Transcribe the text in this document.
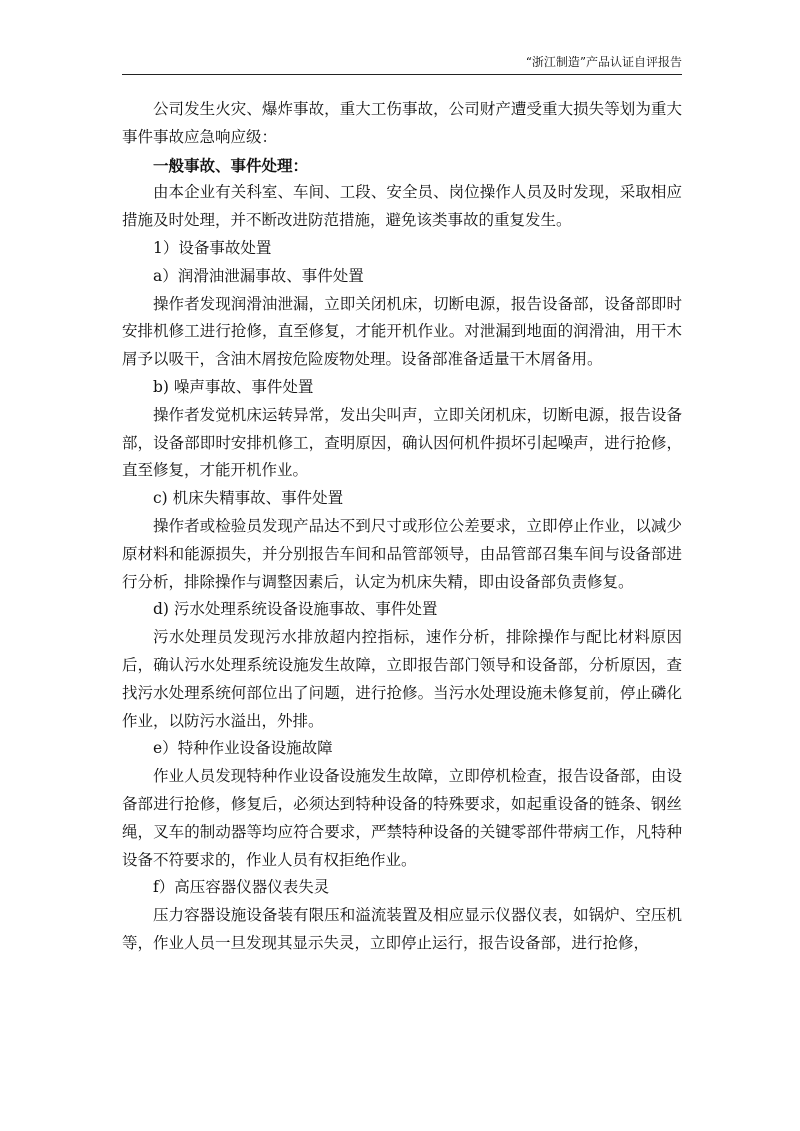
“浙江制造”产品认证自评报告

公司发生火灾、爆炸事故，重大工伤事故，公司财产遭受重大损失等划为重大事件事故应急响应级：

一般事故、事件处理：

由本企业有关科室、车间、工段、安全员、岗位操作人员及时发现，采取相应措施及时处理，并不断改进防范措施，避免该类事故的重复发生。

1）设备事故处置

a）润滑油泄漏事故、事件处置

操作者发现润滑油泄漏，立即关闭机床，切断电源，报告设备部，设备部即时安排机修工进行抢修，直至修复，才能开机作业。对泄漏到地面的润滑油，用干木屑予以吸干，含油木屑按危险废物处理。设备部准备适量干木屑备用。

b) 噪声事故、事件处置

操作者发觉机床运转异常，发出尖叫声，立即关闭机床，切断电源，报告设备部，设备部即时安排机修工，查明原因，确认因何机件损坏引起噪声，进行抢修，直至修复，才能开机作业。

c) 机床失精事故、事件处置

操作者或检验员发现产品达不到尺寸或形位公差要求，立即停止作业，以减少原材料和能源损失，并分别报告车间和品管部领导，由品管部召集车间与设备部进行分析，排除操作与调整因素后，认定为机床失精，即由设备部负责修复。

d) 污水处理系统设备设施事故、事件处置

污水处理员发现污水排放超内控指标，速作分析，排除操作与配比材料原因后，确认污水处理系统设施发生故障，立即报告部门领导和设备部，分析原因，查找污水处理系统何部位出了问题，进行抢修。当污水处理设施未修复前，停止磷化作业，以防污水溢出，外排。

e）特种作业设备设施故障

作业人员发现特种作业设备设施发生故障，立即停机检查，报告设备部，由设备部进行抢修，修复后，必须达到特种设备的特殊要求，如起重设备的链条、钢丝绳，叉车的制动器等均应符合要求，严禁特种设备的关键零部件带病工作，凡特种设备不符要求的，作业人员有权拒绝作业。

f）高压容器仪器仪表失灵

压力容器设施设备装有限压和溢流装置及相应显示仪器仪表，如锅炉、空压机等，作业人员一旦发现其显示失灵，立即停止运行，报告设备部，进行抢修，
